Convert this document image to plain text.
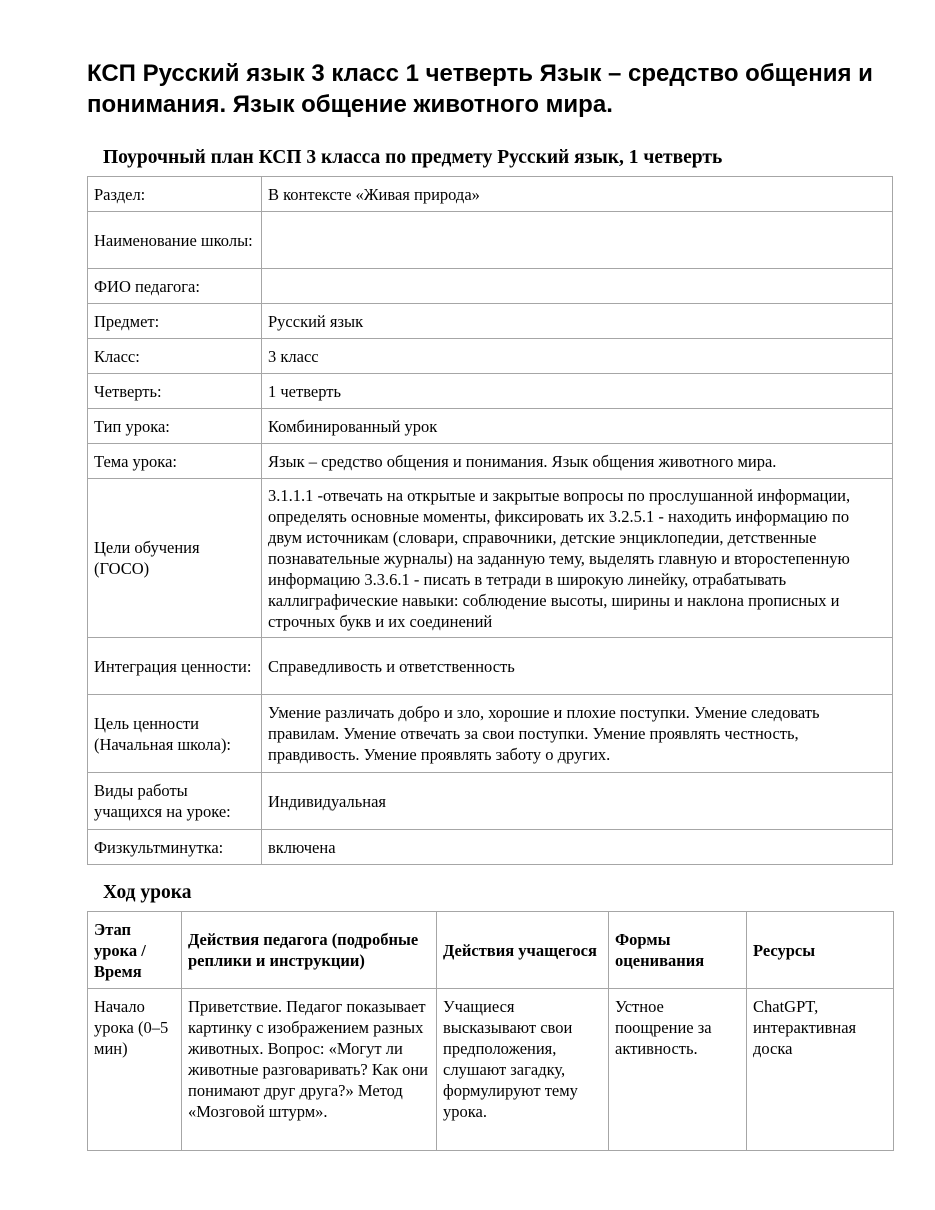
КСП Русский язык 3 класс 1 четверть Язык – средство общения и понимания. Язык общение животного мира.
Поурочный план КСП 3 класса по предмету Русский язык, 1 четверть
Раздел:	В контексте «Живая природа»
Наименование школы:	
ФИО педагога:	
Предмет:	Русский язык
Класс:	3 класс
Четверть:	1 четверть
Тип урока:	Комбинированный урок
Тема урока:	Язык – средство общения и понимания. Язык общения животного мира.
Цели обучения (ГОСО)	3.1.1.1 -отвечать на открытые и закрытые вопросы по прослушанной информации, определять основные моменты, фиксировать их 3.2.5.1 - находить информацию по двум источникам (словари, справочники, детские энциклопедии, детственные познавательные журналы) на заданную тему, выделять главную и второстепенную информацию 3.3.6.1 - писать в тетради в широкую линейку, отрабатывать каллиграфические навыки: соблюдение высоты, ширины и наклона прописных и строчных букв и их соединений
Интеграция ценности:	Справедливость и ответственность
Цель ценности (Начальная школа):	Умение различать добро и зло, хорошие и плохие поступки. Умение следовать правилам. Умение отвечать за свои поступки. Умение проявлять честность, правдивость. Умение проявлять заботу о других.
Виды работы учащихся на уроке:	Индивидуальная
Физкультминутка:	включена
Ход урока
Этап урока / Время	Действия педагога (подробные реплики и инструкции)	Действия учащегося	Формы оценивания	Ресурсы
Начало урока (0–5 мин)	Приветствие. Педагог показывает картинку с изображением разных животных. Вопрос: «Могут ли животные разговаривать? Как они понимают друг друга?» Метод «Мозговой штурм».	Учащиеся высказывают свои предположения, слушают загадку, формулируют тему урока.	Устное поощрение за активность.	ChatGPT, интерактивная доска
